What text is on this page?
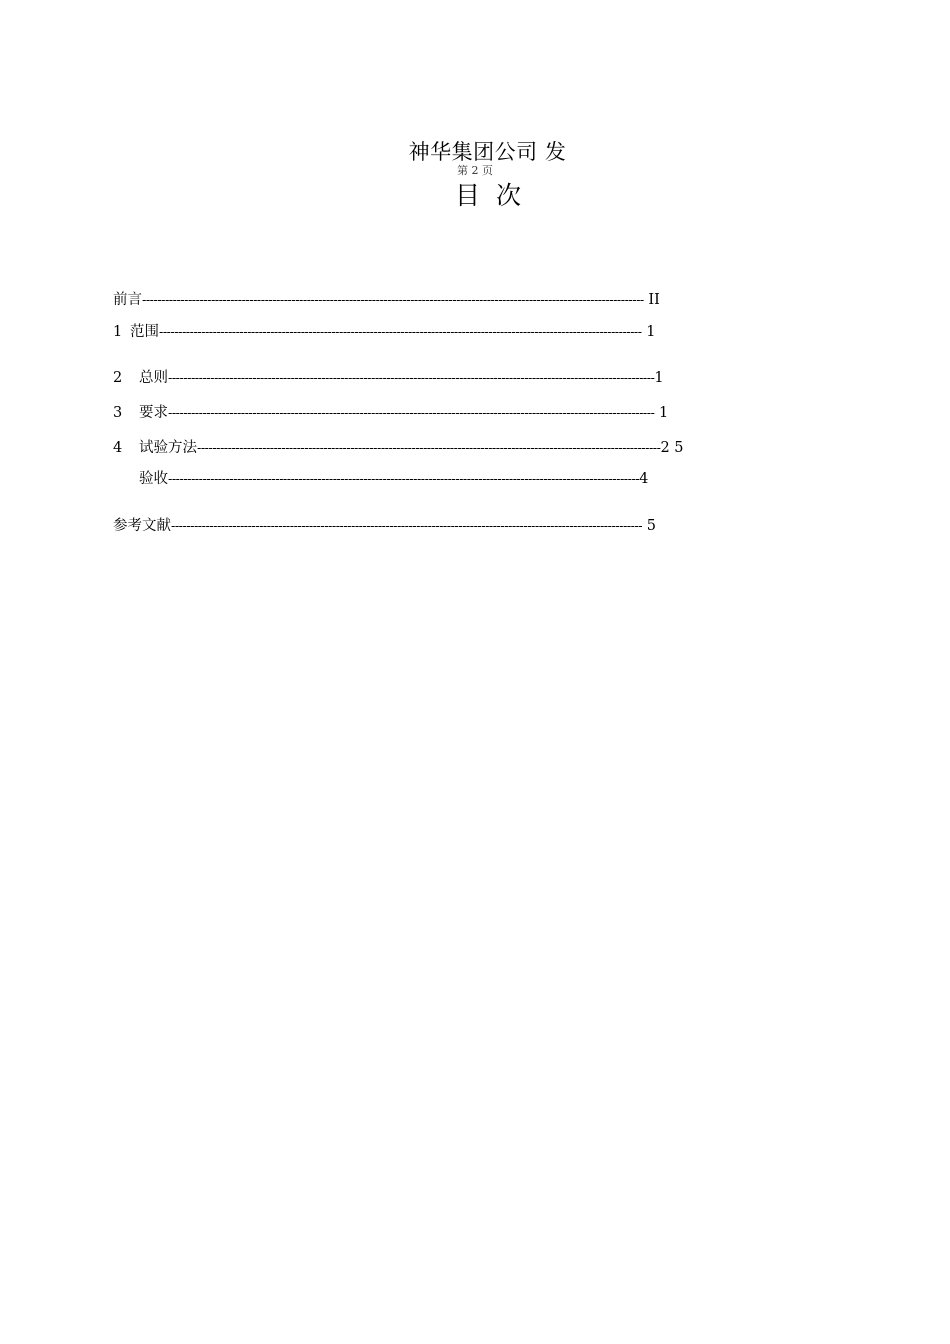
神华集团公司 发
第 2 页
目  次
前言----------------------------------------------------------------------------------------------------------------------------------- II
1 范围------------------------------------------------------------------------------------------------------------------------------ 1
2 总则-------------------------------------------------------------------------------------------------------------------------------1
3 要求------------------------------------------------------------------------------------------------------------------------------- 1
4 试验方法-------------------------------------------------------------------------------------------------------------------------2 5
验收---------------------------------------------------------------------------------------------------------------------------4
参考文献--------------------------------------------------------------------------------------------------------------------------- 5
